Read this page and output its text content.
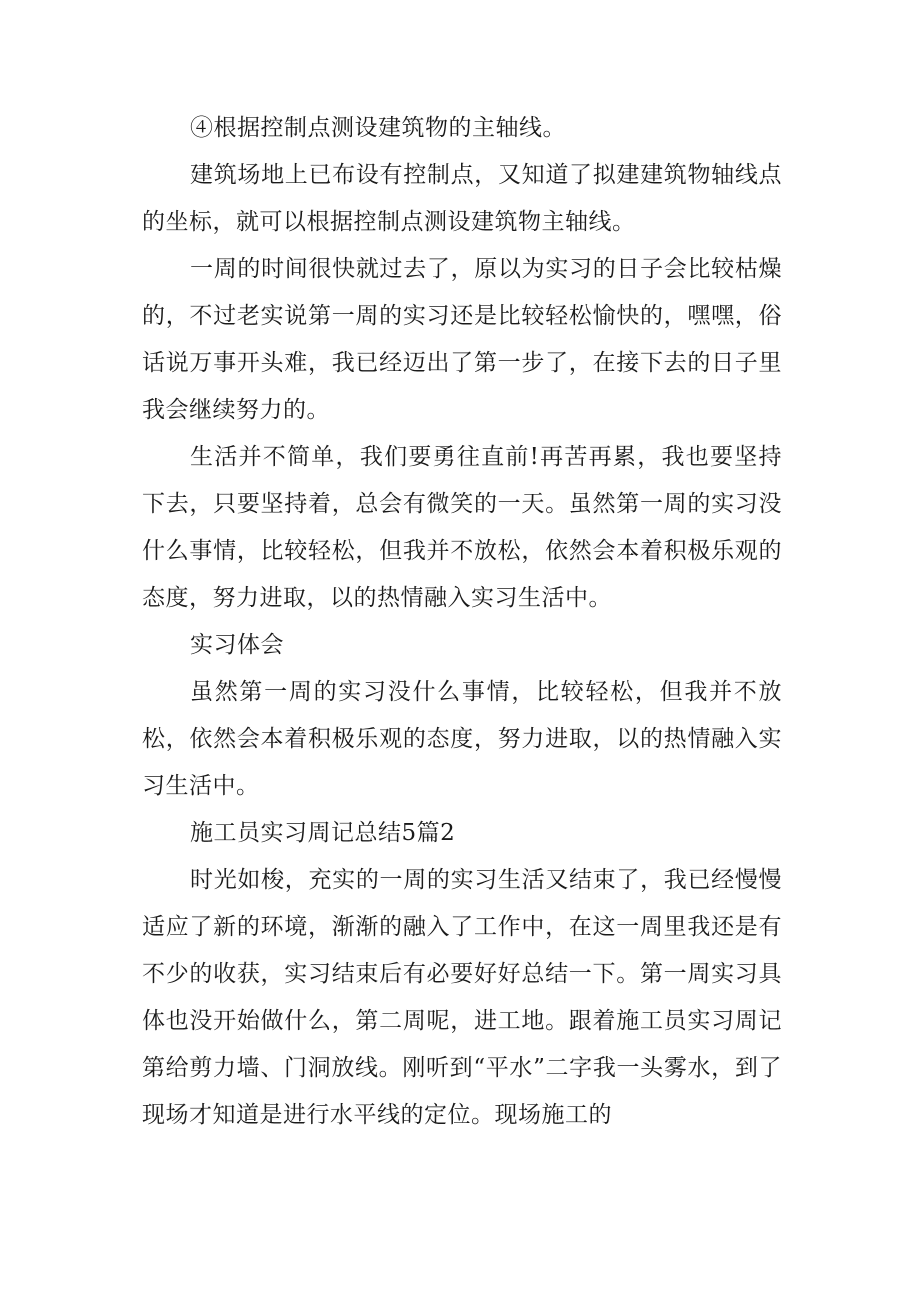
④根据控制点测设建筑物的主轴线。

建筑场地上已布设有控制点，又知道了拟建建筑物轴线点的坐标，就可以根据控制点测设建筑物主轴线。

一周的时间很快就过去了，原以为实习的日子会比较枯燥的，不过老实说第一周的实习还是比较轻松愉快的，嘿嘿，俗话说万事开头难，我已经迈出了第一步了，在接下去的日子里我会继续努力的。

生活并不简单，我们要勇往直前!再苦再累，我也要坚持下去，只要坚持着，总会有微笑的一天。虽然第一周的实习没什么事情，比较轻松，但我并不放松，依然会本着积极乐观的态度，努力进取，以的热情融入实习生活中。

实习体会

虽然第一周的实习没什么事情，比较轻松，但我并不放松，依然会本着积极乐观的态度，努力进取，以的热情融入实习生活中。

施工员实习周记总结5篇2

时光如梭，充实的一周的实习生活又结束了，我已经慢慢适应了新的环境，渐渐的融入了工作中，在这一周里我还是有不少的收获，实习结束后有必要好好总结一下。第一周实习具体也没开始做什么，第二周呢，进工地。跟着施工员实习周记第给剪力墙、门洞放线。刚听到“平水”二字我一头雾水，到了现场才知道是进行水平线的定位。现场施工的
